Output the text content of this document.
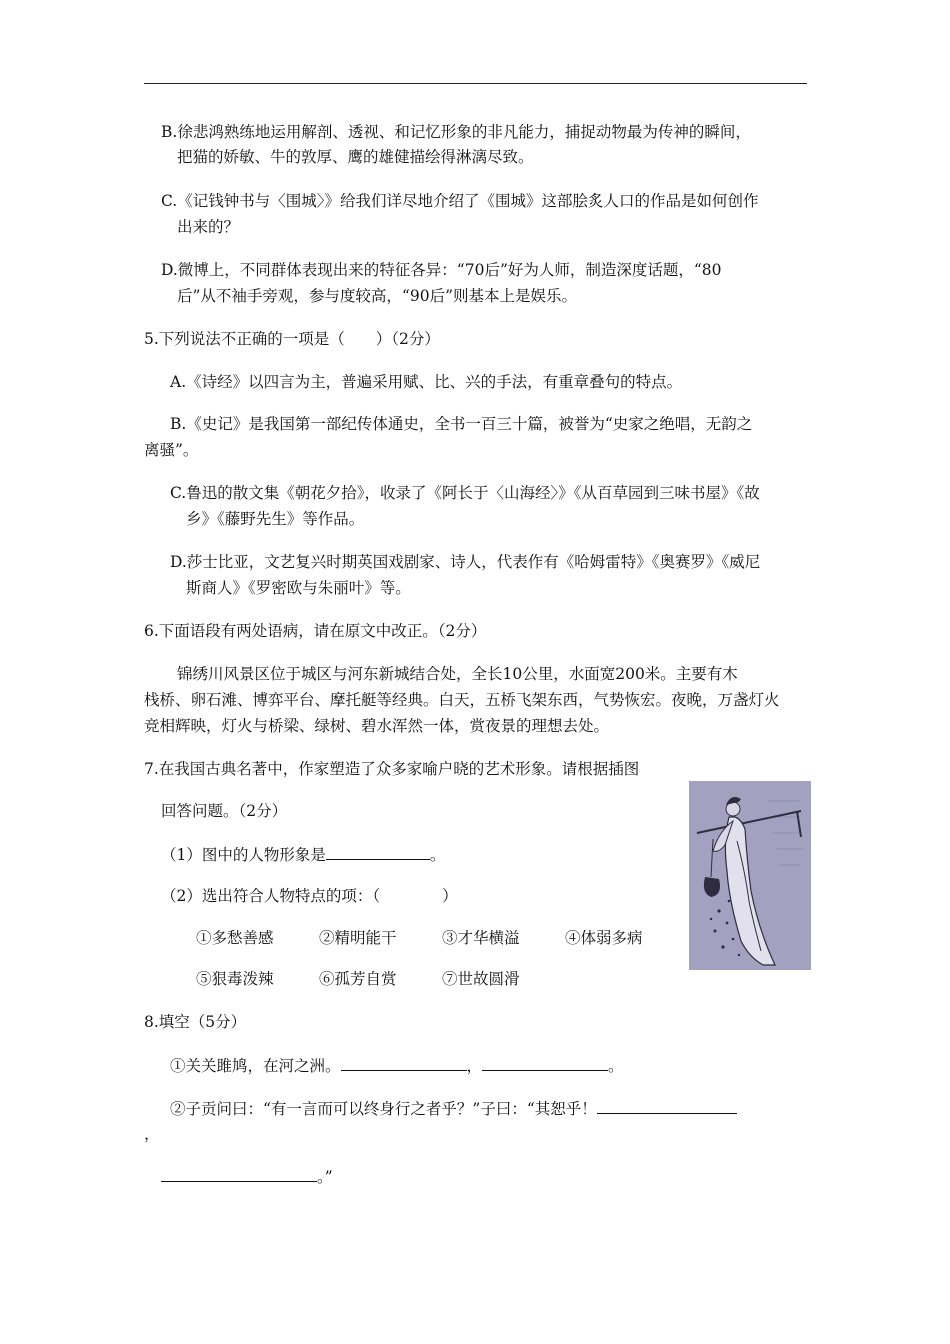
B.徐悲鸿熟练地运用解剖、透视、和记忆形象的非凡能力，捕捉动物最为传神的瞬间，
把猫的娇敏、牛的敦厚、鹰的雄健描绘得淋漓尽致。
C.《记钱钟书与〈围城〉》给我们详尽地介绍了《围城》这部脍炙人口的作品是如何创作
出来的？
D.微博上，不同群体表现出来的特征各异：“70后”好为人师，制造深度话题，“80
后”从不袖手旁观，参与度较高，“90后”则基本上是娱乐。
5.下列说法不正确的一项是（　　）（2分）
A.《诗经》以四言为主，普遍采用赋、比、兴的手法，有重章叠句的特点。
B.《史记》是我国第一部纪传体通史，全书一百三十篇，被誉为“史家之绝唱，无韵之
离骚”。
C.鲁迅的散文集《朝花夕拾》，收录了《阿长于〈山海经〉》《从百草园到三味书屋》《故
乡》《藤野先生》等作品。
D.莎士比亚，文艺复兴时期英国戏剧家、诗人，代表作有《哈姆雷特》《奥赛罗》《威尼
斯商人》《罗密欧与朱丽叶》等。
6.下面语段有两处语病，请在原文中改正。（2分）
锦绣川风景区位于城区与河东新城结合处，全长10公里，水面宽200米。主要有木
栈桥、卵石滩、博弈平台、摩托艇等经典。白天，五桥飞架东西，气势恢宏。夜晚，万盏灯火
竞相辉映，灯火与桥梁、绿树、碧水浑然一体，赏夜景的理想去处。
7.在我国古典名著中，作家塑造了众多家喻户晓的艺术形象。请根据插图
回答问题。（2分）
（1）图中的人物形象是	。
（2）选出符合人物特点的项：（　　　　）
①多愁善感	②精明能干	③才华横溢	④体弱多病
⑤狠毒泼辣	⑥孤芳自赏	⑦世故圆滑
8.填空（5分）
①关关雎鸠，在河之洲。	，	。
②子贡问曰：“有一言而可以终身行之者乎？”子曰：“其恕乎！
，
。”
